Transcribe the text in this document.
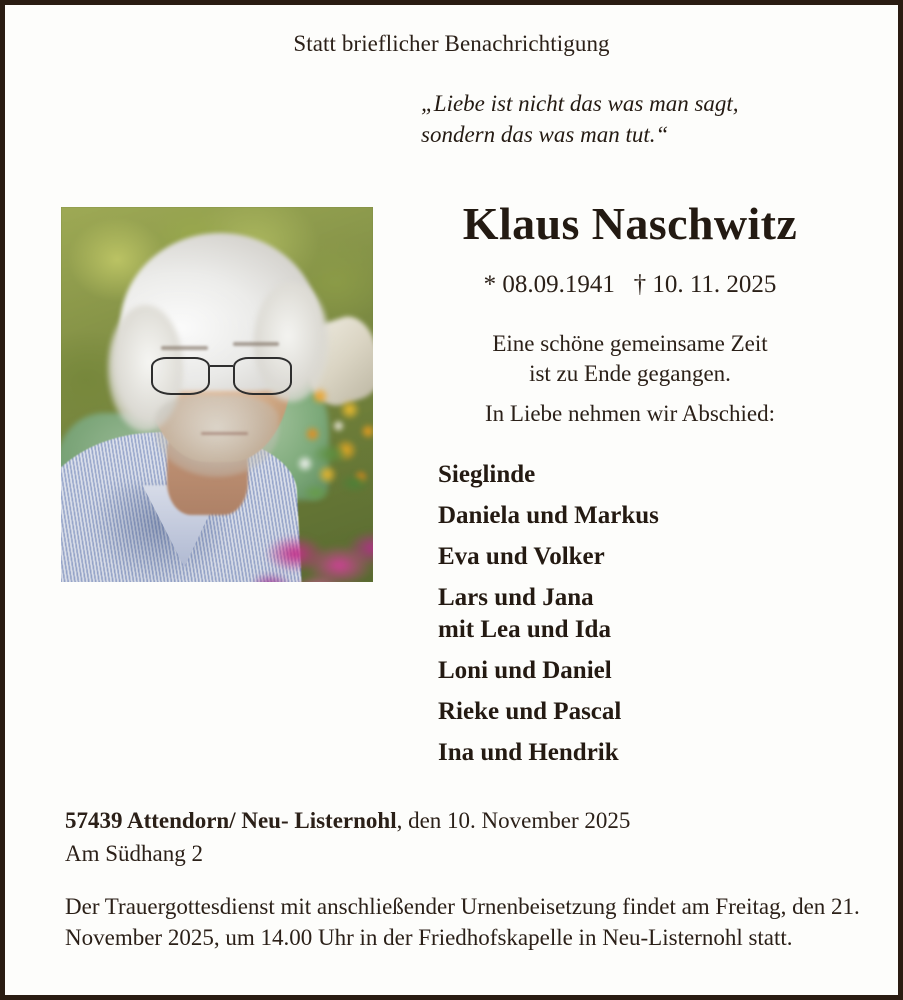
Statt brieflicher Benachrichtigung
„Liebe ist nicht das was man sagt,
sondern das was man tut.“
Klaus Naschwitz
* 08.09.1941   † 10. 11. 2025
Eine schöne gemeinsame Zeit
ist zu Ende gegangen.
In Liebe nehmen wir Abschied:
Sieglinde
Daniela und Markus
Eva und Volker
Lars und Jana
mit Lea und Ida
Loni und Daniel
Rieke und Pascal
Ina und Hendrik
57439 Attendorn/ Neu- Listernohl, den 10. November 2025
Am Südhang 2
Der Trauergottesdienst mit anschließender Urnenbeisetzung findet am Freitag, den 21. November 2025, um 14.00 Uhr in der Friedhofskapelle in Neu-Listernohl statt.
